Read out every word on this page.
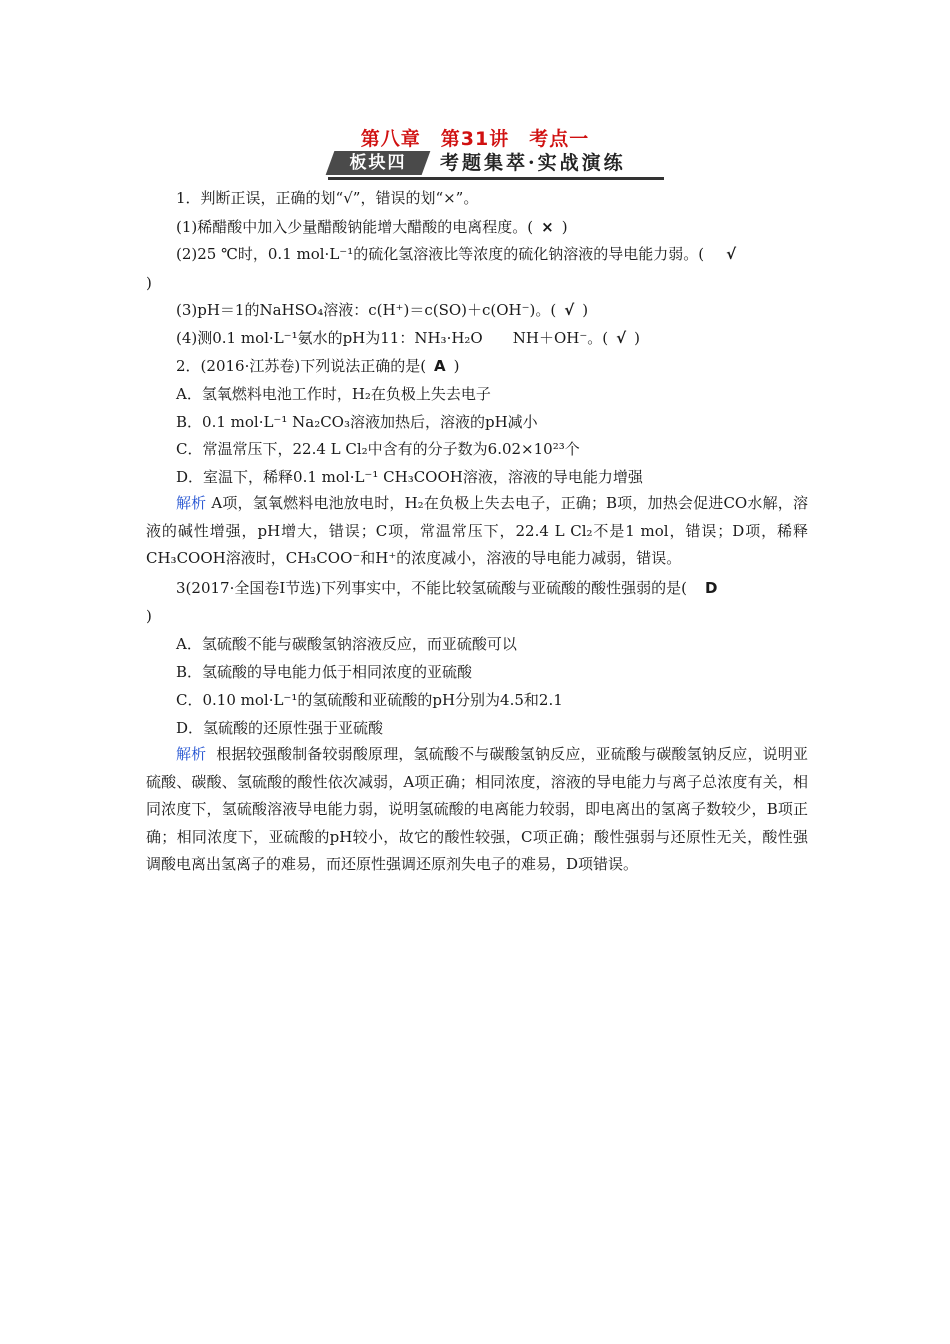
第八章　第31讲　考点一
板块四	考题集萃·实战演练
1．判断正误，正确的划“√”，错误的划“×”。
(1)稀醋酸中加入少量醋酸钠能增大醋酸的电离程度。( × )
(2)25 ℃时，0.1 mol·L⁻¹的硫化氢溶液比等浓度的硫化钠溶液的导电能力弱。( √
)
(3)pH＝1的NaHSO₄溶液：c(H⁺)＝c(SO)＋c(OH⁻)。( √ )
(4)测0.1 mol·L⁻¹氨水的pH为11：NH₃·H₂O　　NH＋OH⁻。( √ )
2．(2016·江苏卷)下列说法正确的是( A )
A．氢氧燃料电池工作时，H₂在负极上失去电子
B．0.1 mol·L⁻¹ Na₂CO₃溶液加热后，溶液的pH减小
C．常温常压下，22.4 L Cl₂中含有的分子数为6.02×10²³个
D．室温下，稀释0.1 mol·L⁻¹ CH₃COOH溶液，溶液的导电能力增强
解析 A项，氢氧燃料电池放电时，H₂在负极上失去电子，正确；B项，加热会促进CO水解，溶液的碱性增强，pH增大，错误；C项，常温常压下，22.4 L Cl₂不是1 mol，错误；D项，稀释CH₃COOH溶液时，CH₃COO⁻和H⁺的浓度减小，溶液的导电能力减弱，错误。
3(2017·全国卷Ⅰ节选)下列事实中，不能比较氢硫酸与亚硫酸的酸性强弱的是( D
)
A．氢硫酸不能与碳酸氢钠溶液反应，而亚硫酸可以
B．氢硫酸的导电能力低于相同浓度的亚硫酸
C．0.10 mol·L⁻¹的氢硫酸和亚硫酸的pH分别为4.5和2.1
D．氢硫酸的还原性强于亚硫酸
解析 根据较强酸制备较弱酸原理，氢硫酸不与碳酸氢钠反应，亚硫酸与碳酸氢钠反应，说明亚硫酸、碳酸、氢硫酸的酸性依次减弱，A项正确；相同浓度，溶液的导电能力与离子总浓度有关，相同浓度下，氢硫酸溶液导电能力弱，说明氢硫酸的电离能力较弱，即电离出的氢离子数较少，B项正确；相同浓度下，亚硫酸的pH较小，故它的酸性较强，C项正确；酸性强弱与还原性无关，酸性强调酸电离出氢离子的难易，而还原性强调还原剂失电子的难易，D项错误。
